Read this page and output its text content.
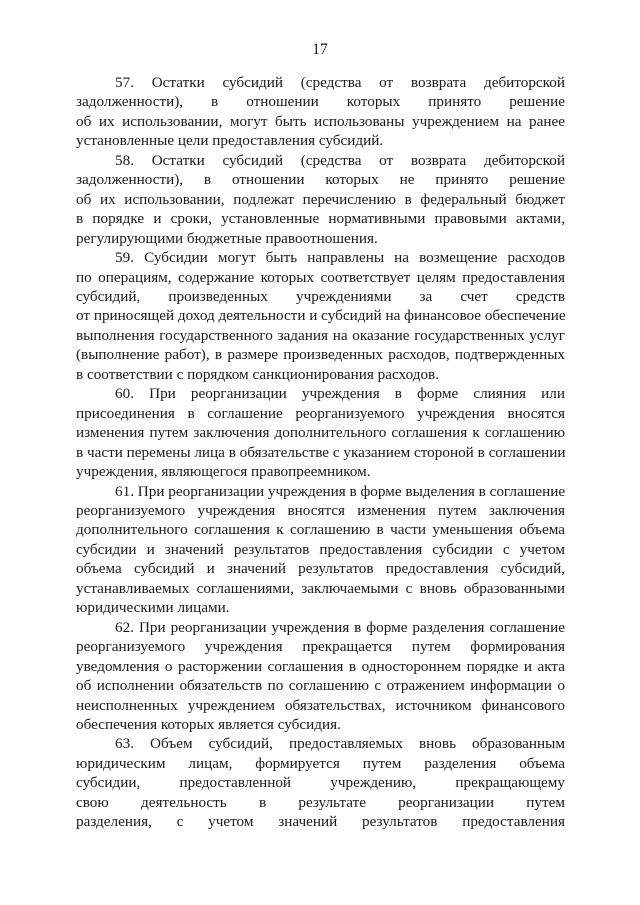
17
57. Остатки субсидий (средства от возврата дебиторской
задолженности), в отношении которых принято решение
об их использовании, могут быть использованы учреждением на ранее
установленные цели предоставления субсидий.
58. Остатки субсидий (средства от возврата дебиторской
задолженности), в отношении которых не принято решение
об их использовании, подлежат перечислению в федеральный бюджет
в порядке и сроки, установленные нормативными правовыми актами,
регулирующими бюджетные правоотношения.
59. Субсидии могут быть направлены на возмещение расходов
по операциям, содержание которых соответствует целям предоставления
субсидий, произведенных учреждениями за счет средств
от приносящей доход деятельности и субсидий на финансовое обеспечение
выполнения государственного задания на оказание государственных услуг
(выполнение работ), в размере произведенных расходов, подтвержденных
в соответствии с порядком санкционирования расходов.
60. При реорганизации учреждения в форме слияния или
присоединения в соглашение реорганизуемого учреждения вносятся
изменения путем заключения дополнительного соглашения к соглашению
в части перемены лица в обязательстве с указанием стороной в соглашении
учреждения, являющегося правопреемником.
61. При реорганизации учреждения в форме выделения в соглашение
реорганизуемого учреждения вносятся изменения путем заключения
дополнительного соглашения к соглашению в части уменьшения объема
субсидии и значений результатов предоставления субсидии с учетом
объема субсидий и значений результатов предоставления субсидий,
устанавливаемых соглашениями, заключаемыми с вновь образованными
юридическими лицами.
62. При реорганизации учреждения в форме разделения соглашение
реорганизуемого учреждения прекращается путем формирования
уведомления о расторжении соглашения в одностороннем порядке и акта
об исполнении обязательств по соглашению с отражением информации о
неисполненных учреждением обязательствах, источником финансового
обеспечения которых является субсидия.
63. Объем субсидий, предоставляемых вновь образованным
юридическим лицам, формируется путем разделения объема
субсидии, предоставленной учреждению, прекращающему
свою деятельность в результате реорганизации путем
разделения, с учетом значений результатов предоставления
